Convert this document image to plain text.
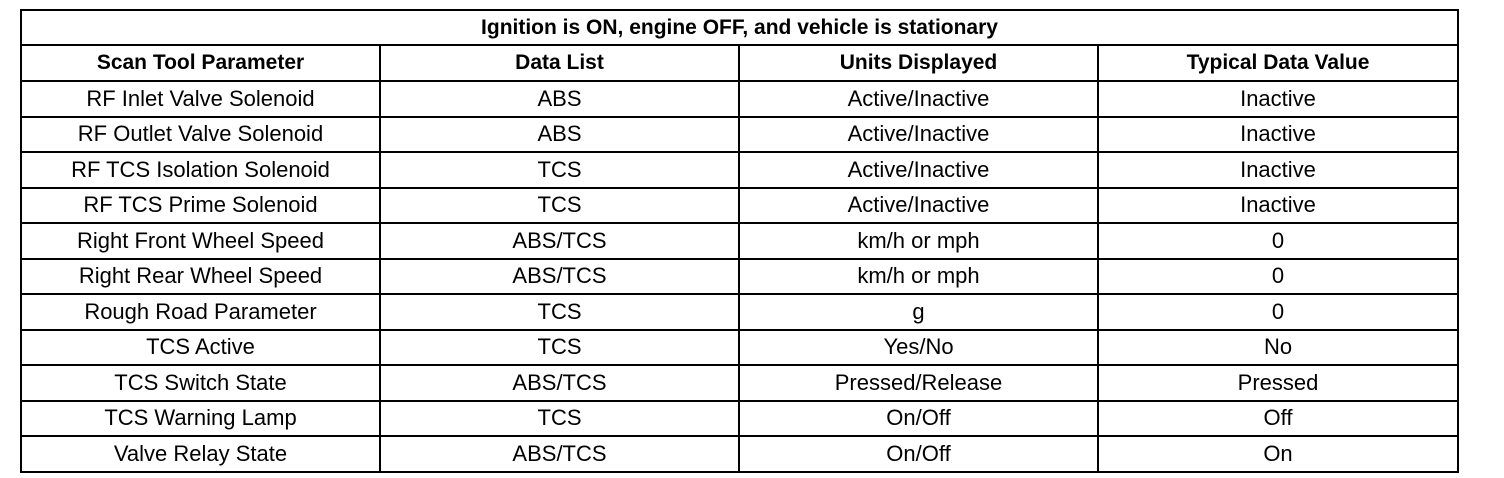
Ignition is ON, engine OFF, and vehicle is stationary			
Scan Tool Parameter	Data List	Units Displayed	Typical Data Value
RF Inlet Valve Solenoid	ABS	Active/Inactive	Inactive
RF Outlet Valve Solenoid	ABS	Active/Inactive	Inactive
RF TCS Isolation Solenoid	TCS	Active/Inactive	Inactive
RF TCS Prime Solenoid	TCS	Active/Inactive	Inactive
Right Front Wheel Speed	ABS/TCS	km/h or mph	0
Right Rear Wheel Speed	ABS/TCS	km/h or mph	0
Rough Road Parameter	TCS	g	0
TCS Active	TCS	Yes/No	No
TCS Switch State	ABS/TCS	Pressed/Release	Pressed
TCS Warning Lamp	TCS	On/Off	Off
Valve Relay State	ABS/TCS	On/Off	On
